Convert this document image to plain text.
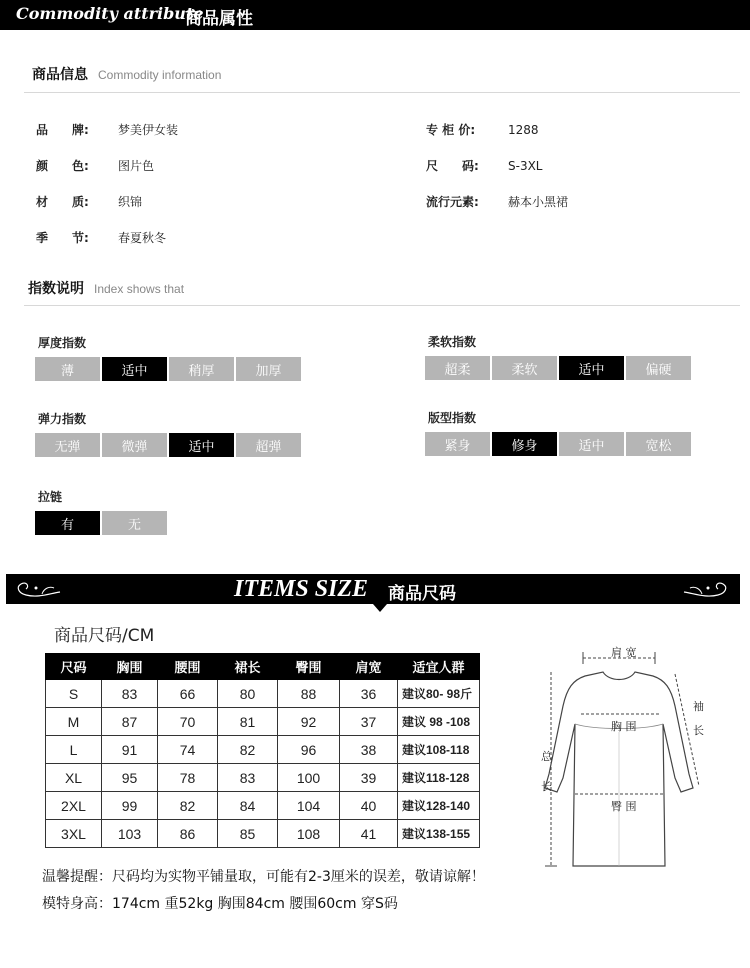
Commodity attribute
商品属性
商品信息 Commodity information
品　　牌: 梦美伊女装
颜　　色: 图片色
材　　质: 织锦
季　　节: 春夏秋冬
专 柜 价:	1288
尺　　码: S-3XL
流行元素: 赫本小黑裙
指数说明 Index shows that
厚度指数
薄	适中	稍厚	加厚
柔软指数
超柔	柔软	适中	偏硬
弹力指数
无弹	微弹	适中	超弹
版型指数
紧身	修身	适中	宽松
拉链
有	无
ITEMS SIZE 商品尺码
商品尺码/CM
尺码	胸围	腰围	裙长	臀围	肩宽	适宜人群
S	83	66	80	88	36	建议80- 98斤
M	87	70	81	92	37	建议 98 -108
L	91	74	82	96	38	建议108-118
XL	95	78	83	100	39	建议118-128
2XL	99	82	84	104	40	建议128-140
3XL	103	86	85	108	41	建议138-155
温馨提醒：尺码均为实物平铺量取，可能有2-3厘米的误差，敬请谅解！
模特身高：174cm 重52kg 胸围84cm 腰围60cm 穿S码
肩 宽
袖
长
胸 围
总
长
臀 围
